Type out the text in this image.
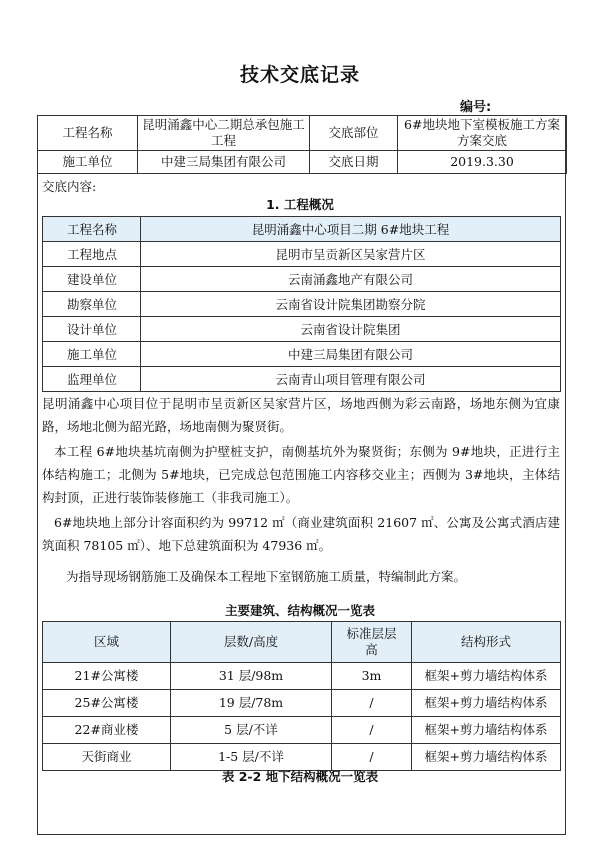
技术交底记录
编号:
工程名称	昆明涌鑫中心二期总承包施工工程	交底部位	6#地块地下室模板施工方案方案交底
施工单位	中建三局集团有限公司	交底日期	2019.3.30
交底内容:
1. 工程概况
工程名称	昆明涌鑫中心项目二期 6#地块工程
工程地点	昆明市呈贡新区吴家营片区
建设单位	云南涌鑫地产有限公司
勘察单位	云南省设计院集团勘察分院
设计单位	云南省设计院集团
施工单位	中建三局集团有限公司
监理单位	云南青山项目管理有限公司
昆明涌鑫中心项目位于昆明市呈贡新区吴家营片区，场地西侧为彩云南路，场地东侧为宜康路，场地北侧为韶光路，场地南侧为聚贤街。
本工程 6#地块基坑南侧为护壁桩支护，南侧基坑外为聚贤街；东侧为 9#地块，正进行主体结构施工；北侧为 5#地块，已完成总包范围施工内容移交业主；西侧为 3#地块，主体结构封顶，正进行装饰装修施工（非我司施工）。
6#地块地上部分计容面积约为 99712 ㎡（商业建筑面积 21607 ㎡、公寓及公寓式酒店建筑面积 78105 ㎡）、地下总建筑面积为 47936 ㎡。
为指导现场钢筋施工及确保本工程地下室钢筋施工质量，特编制此方案。
主要建筑、结构概况一览表
区域	层数/高度	标准层层高	结构形式
21#公寓楼	31 层/98m	3m	框架+剪力墙结构体系
25#公寓楼	19 层/78m	/	框架+剪力墙结构体系
22#商业楼	5 层/不详	/	框架+剪力墙结构体系
天街商业	1-5 层/不详	/	框架+剪力墙结构体系
表 2-2 地下结构概况一览表
